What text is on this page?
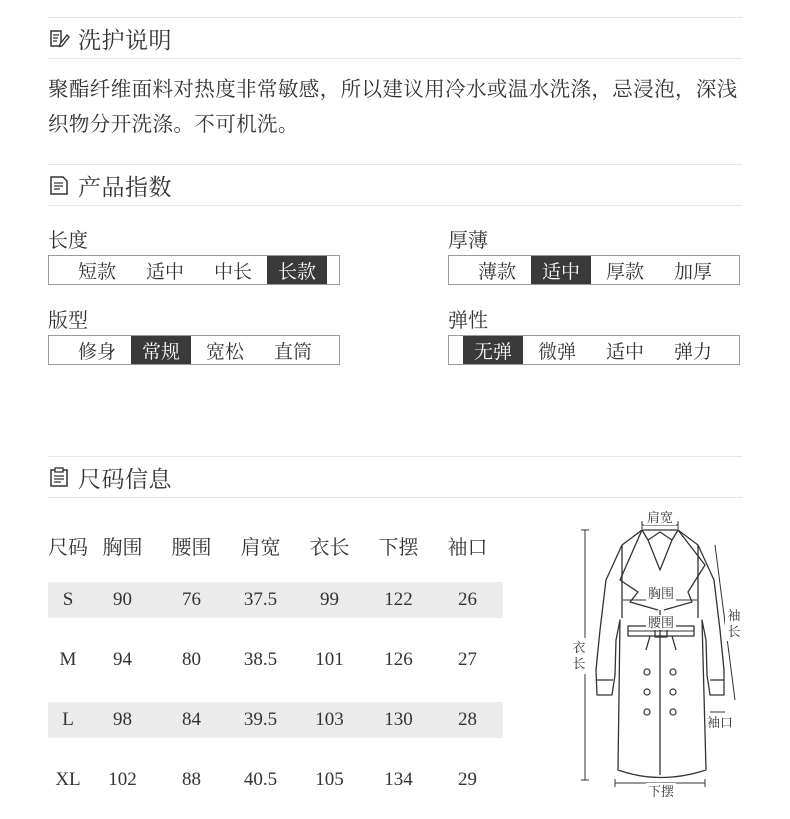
洗护说明
聚酯纤维面料对热度非常敏感，所以建议用冷水或温水洗涤，忌浸泡，深浅
织物分开洗涤。不可机洗。
产品指数
长度
短款	适中	中长	长款
厚薄
薄款	适中	厚款	加厚
版型
修身	常规	宽松	直筒
弹性
无弹	微弹	适中	弹力
尺码信息
尺码 胸围	腰围	肩宽	衣长	下摆	袖口
S	90	76	37.5	99	122	26
M	94	80	38.5	101	126	27
L	98	84	39.5	103	130	28
XL	102	88	40.5	105	134	29
肩宽
胸围
腰围	袖
长
衣
长
袖口
下摆
